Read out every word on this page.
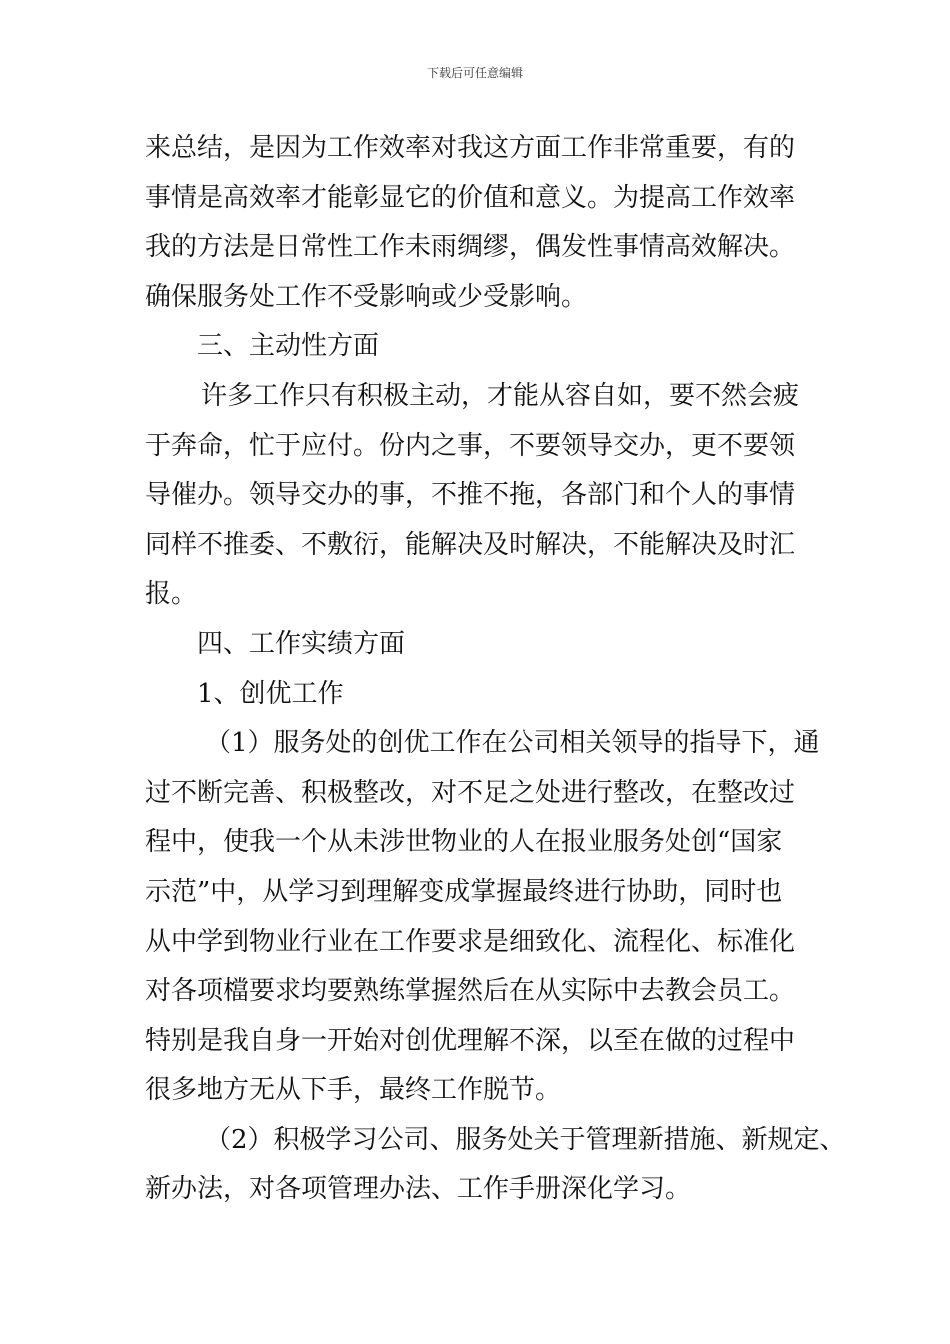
下载后可任意编辑
来总结，是因为工作效率对我这方面工作非常重要，有的
事情是高效率才能彰显它的价值和意义。为提高工作效率
我的方法是日常性工作未雨绸缪，偶发性事情高效解决。
确保服务处工作不受影响或少受影响。
三、主动性方面
许多工作只有积极主动，才能从容自如，要不然会疲
于奔命，忙于应付。份内之事，不要领导交办，更不要领
导催办。领导交办的事，不推不拖，各部门和个人的事情
同样不推委、不敷衍，能解决及时解决，不能解决及时汇
报。
四、工作实绩方面
1、创优工作
（1）服务处的创优工作在公司相关领导的指导下，通
过不断完善、积极整改，对不足之处进行整改，在整改过
程中，使我一个从未涉世物业的人在报业服务处创“国家
示范”中，从学习到理解变成掌握最终进行协助，同时也
从中学到物业行业在工作要求是细致化、流程化、标准化
对各项檔要求均要熟练掌握然后在从实际中去教会员工。
特别是我自身一开始对创优理解不深，以至在做的过程中
很多地方无从下手，最终工作脱节。
（2）积极学习公司、服务处关于管理新措施、新规定、
新办法，对各项管理办法、工作手册深化学习。
